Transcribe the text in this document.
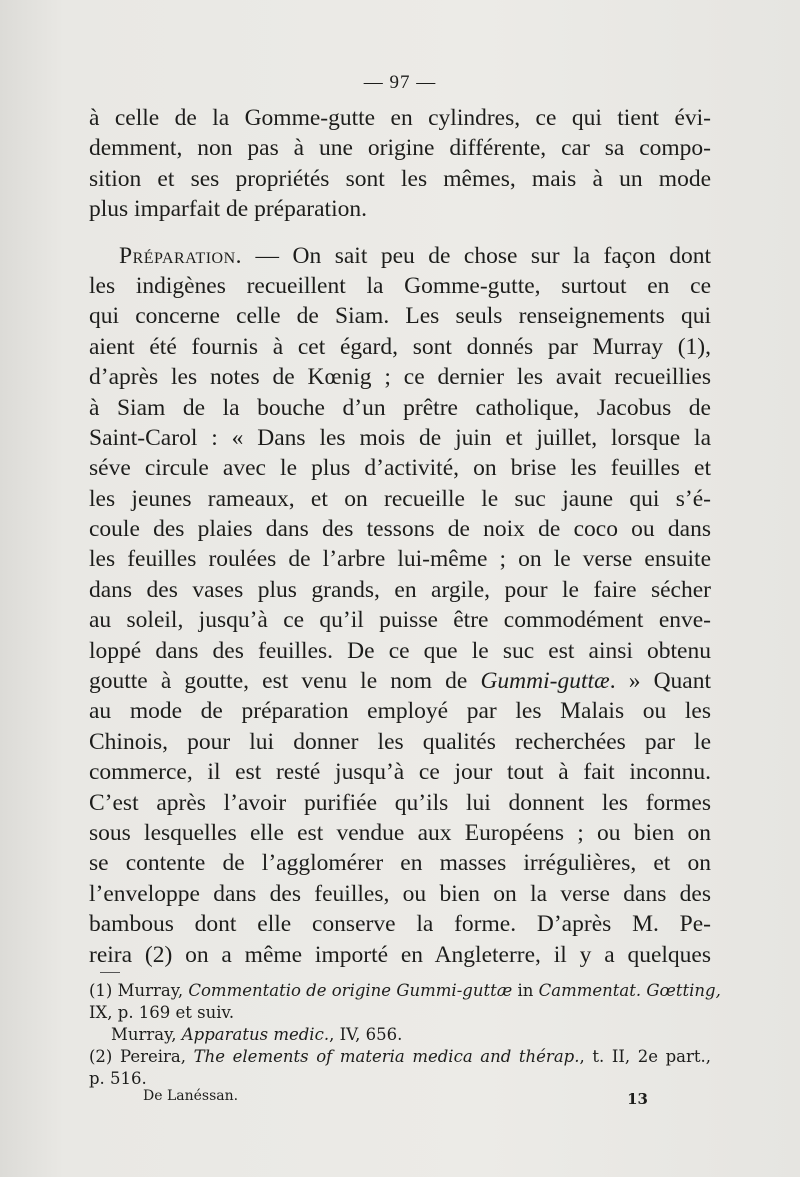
— 97 —
à celle de la Gomme-gutte en cylindres, ce qui tient évi-
demment, non pas à une origine différente, car sa compo-
sition et ses propriétés sont les mêmes, mais à un mode
plus imparfait de préparation.
Préparation. — On sait peu de chose sur la façon dont
les indigènes recueillent la Gomme-gutte, surtout en ce
qui concerne celle de Siam. Les seuls renseignements qui
aient été fournis à cet égard, sont donnés par Murray (1),
d’après les notes de Kœnig ; ce dernier les avait recueillies
à Siam de la bouche d’un prêtre catholique, Jacobus de
Saint-Carol : « Dans les mois de juin et juillet, lorsque la
séve circule avec le plus d’activité, on brise les feuilles et
les jeunes rameaux, et on recueille le suc jaune qui s’é-
coule des plaies dans des tessons de noix de coco ou dans
les feuilles roulées de l’arbre lui-même ; on le verse ensuite
dans des vases plus grands, en argile, pour le faire sécher
au soleil, jusqu’à ce qu’il puisse être commodément enve-
loppé dans des feuilles. De ce que le suc est ainsi obtenu
goutte à goutte, est venu le nom de Gummi-guttæ. » Quant
au mode de préparation employé par les Malais ou les
Chinois, pour lui donner les qualités recherchées par le
commerce, il est resté jusqu’à ce jour tout à fait inconnu.
C’est après l’avoir purifiée qu’ils lui donnent les formes
sous lesquelles elle est vendue aux Européens ; ou bien on
se contente de l’agglomérer en masses irrégulières, et on
l’enveloppe dans des feuilles, ou bien on la verse dans des
bambous dont elle conserve la forme. D’après M. Pe-
reira (2) on a même importé en Angleterre, il y a quelques
(1) Murray, Commentatio de origine Gummi-guttæ in Cammentat. Gœtting,
IX, p. 169 et suiv.
Murray, Apparatus medic., IV, 656.
(2) Pereira, The elements of materia medica and thérap., t. II, 2e part.,
p. 516.
De Lanéssan.	13
